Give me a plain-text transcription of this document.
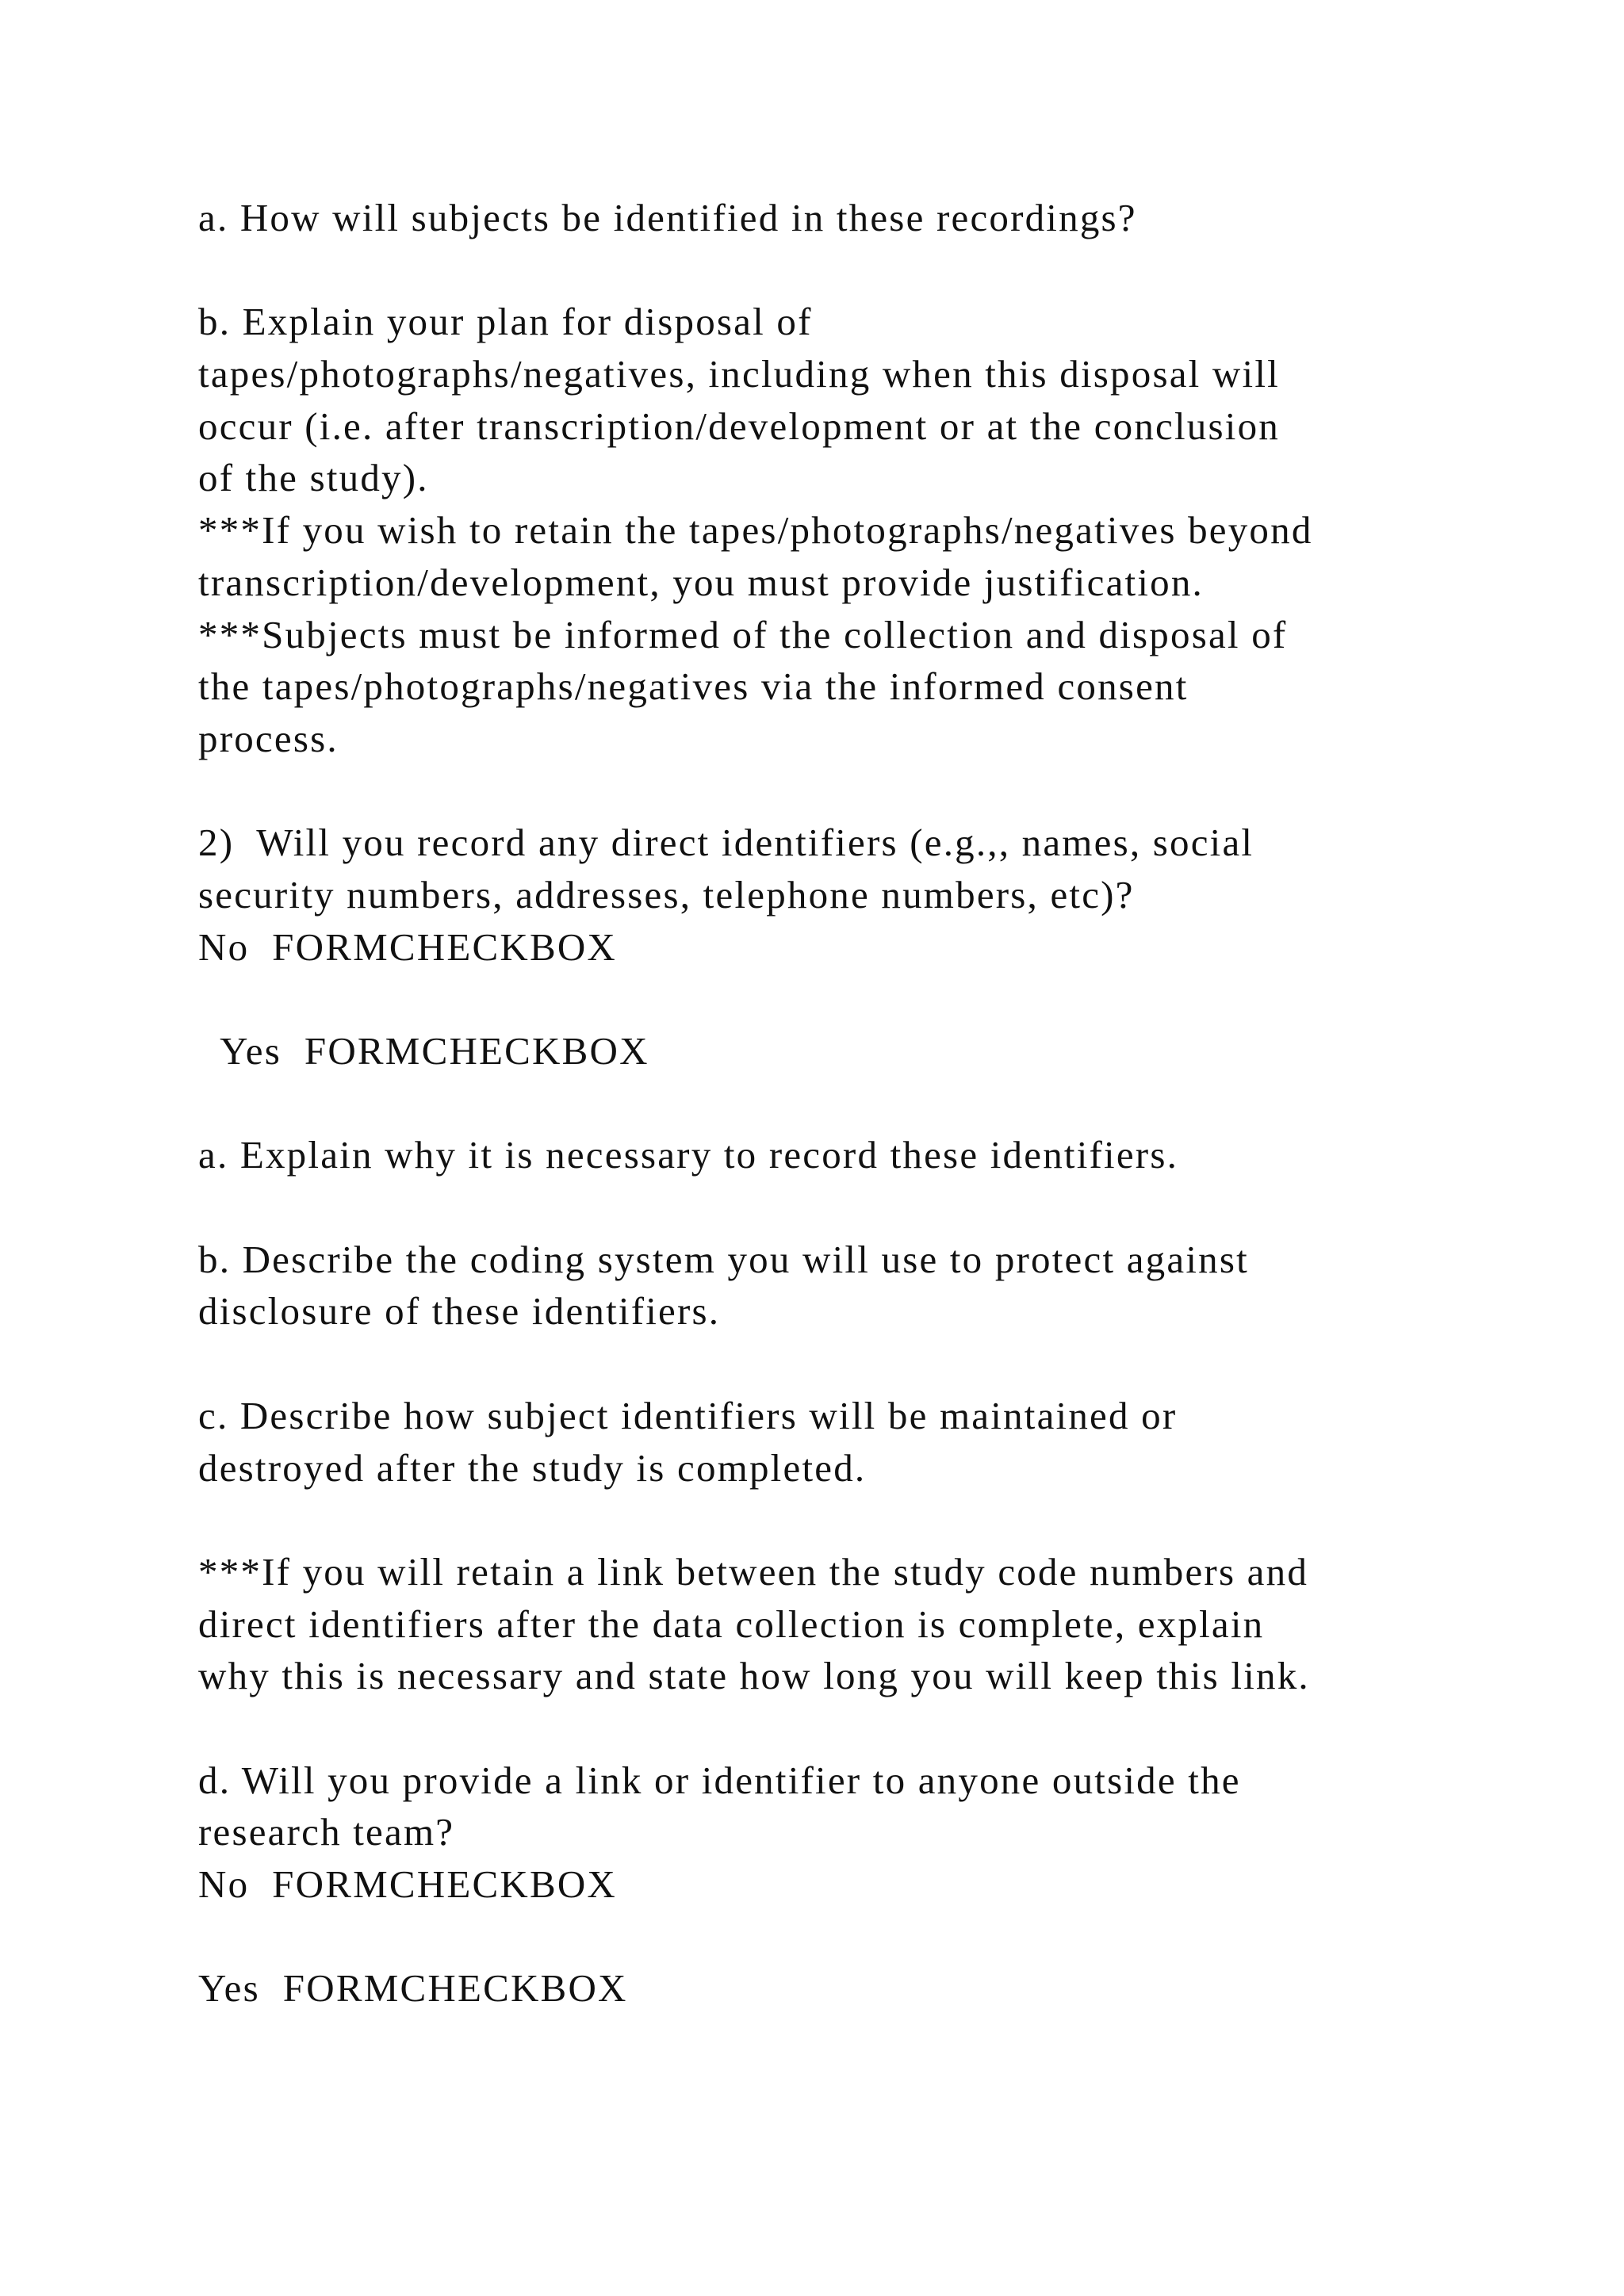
a. How will subjects be identified in these recordings?
b. Explain your plan for disposal of
tapes/photographs/negatives, including when this disposal will
occur (i.e. after transcription/development or at the conclusion
of the study).
***If you wish to retain the tapes/photographs/negatives beyond
transcription/development, you must provide justification.
***Subjects must be informed of the collection and disposal of
the tapes/photographs/negatives via the informed consent
process.
2)  Will you record any direct identifiers (e.g.,, names, social
security numbers, addresses, telephone numbers, etc)?
No  FORMCHECKBOX
Yes  FORMCHECKBOX
a. Explain why it is necessary to record these identifiers.
b. Describe the coding system you will use to protect against
disclosure of these identifiers.
c. Describe how subject identifiers will be maintained or
destroyed after the study is completed.
***If you will retain a link between the study code numbers and
direct identifiers after the data collection is complete, explain
why this is necessary and state how long you will keep this link.
d. Will you provide a link or identifier to anyone outside the
research team?
No  FORMCHECKBOX
Yes  FORMCHECKBOX
